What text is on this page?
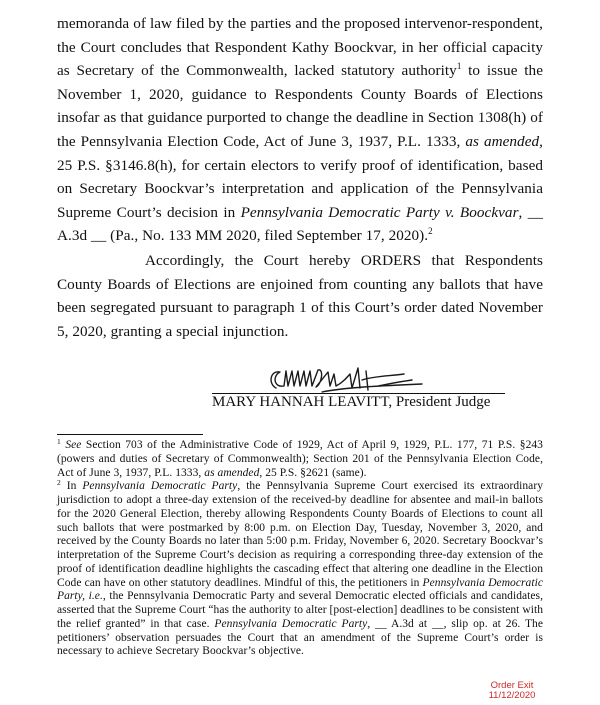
memoranda of law filed by the parties and the proposed intervenor-respondent, the Court concludes that Respondent Kathy Boockvar, in her official capacity as Secretary of the Commonwealth, lacked statutory authority$^1$ to issue the November 1, 2020, guidance to Respondents County Boards of Elections insofar as that guidance purported to change the deadline in Section 1308(h) of the Pennsylvania Election Code, Act of June 3, 1937, P.L. 1333, as amended, 25 P.S. §3146.8(h), for certain electors to verify proof of identification, based on Secretary Boockvar’s interpretation and application of the Pennsylvania Supreme Court’s decision in Pennsylvania Democratic Party v. Boockvar, __ A.3d __ (Pa., No. 133 MM 2020, filed September 17, 2020).$^2$

Accordingly, the Court hereby ORDERS that Respondents County Boards of Elections are enjoined from counting any ballots that have been segregated pursuant to paragraph 1 of this Court’s order dated November 5, 2020, granting a special injunction.

MARY HANNAH LEAVITT, President Judge

$^1$ See Section 703 of the Administrative Code of 1929, Act of April 9, 1929, P.L. 177, 71 P.S. §243 (powers and duties of Secretary of Commonwealth); Section 201 of the Pennsylvania Election Code, Act of June 3, 1937, P.L. 1333, as amended, 25 P.S. §2621 (same).

$^2$ In Pennsylvania Democratic Party, the Pennsylvania Supreme Court exercised its extraordinary jurisdiction to adopt a three-day extension of the received-by deadline for absentee and mail-in ballots for the 2020 General Election, thereby allowing Respondents County Boards of Elections to count all such ballots that were postmarked by 8:00 p.m. on Election Day, Tuesday, November 3, 2020, and received by the County Boards no later than 5:00 p.m. Friday, November 6, 2020. Secretary Boockvar’s interpretation of the Supreme Court’s decision as requiring a corresponding three-day extension of the proof of identification deadline highlights the cascading effect that altering one deadline in the Election Code can have on other statutory deadlines. Mindful of this, the petitioners in Pennsylvania Democratic Party, i.e., the Pennsylvania Democratic Party and several Democratic elected officials and candidates, asserted that the Supreme Court “has the authority to alter [post-election] deadlines to be consistent with the relief granted” in that case. Pennsylvania Democratic Party, __ A.3d at __, slip op. at 26. The petitioners’ observation persuades the Court that an amendment of the Supreme Court’s order is necessary to achieve Secretary Boockvar’s objective.

Order Exit
11/12/2020
